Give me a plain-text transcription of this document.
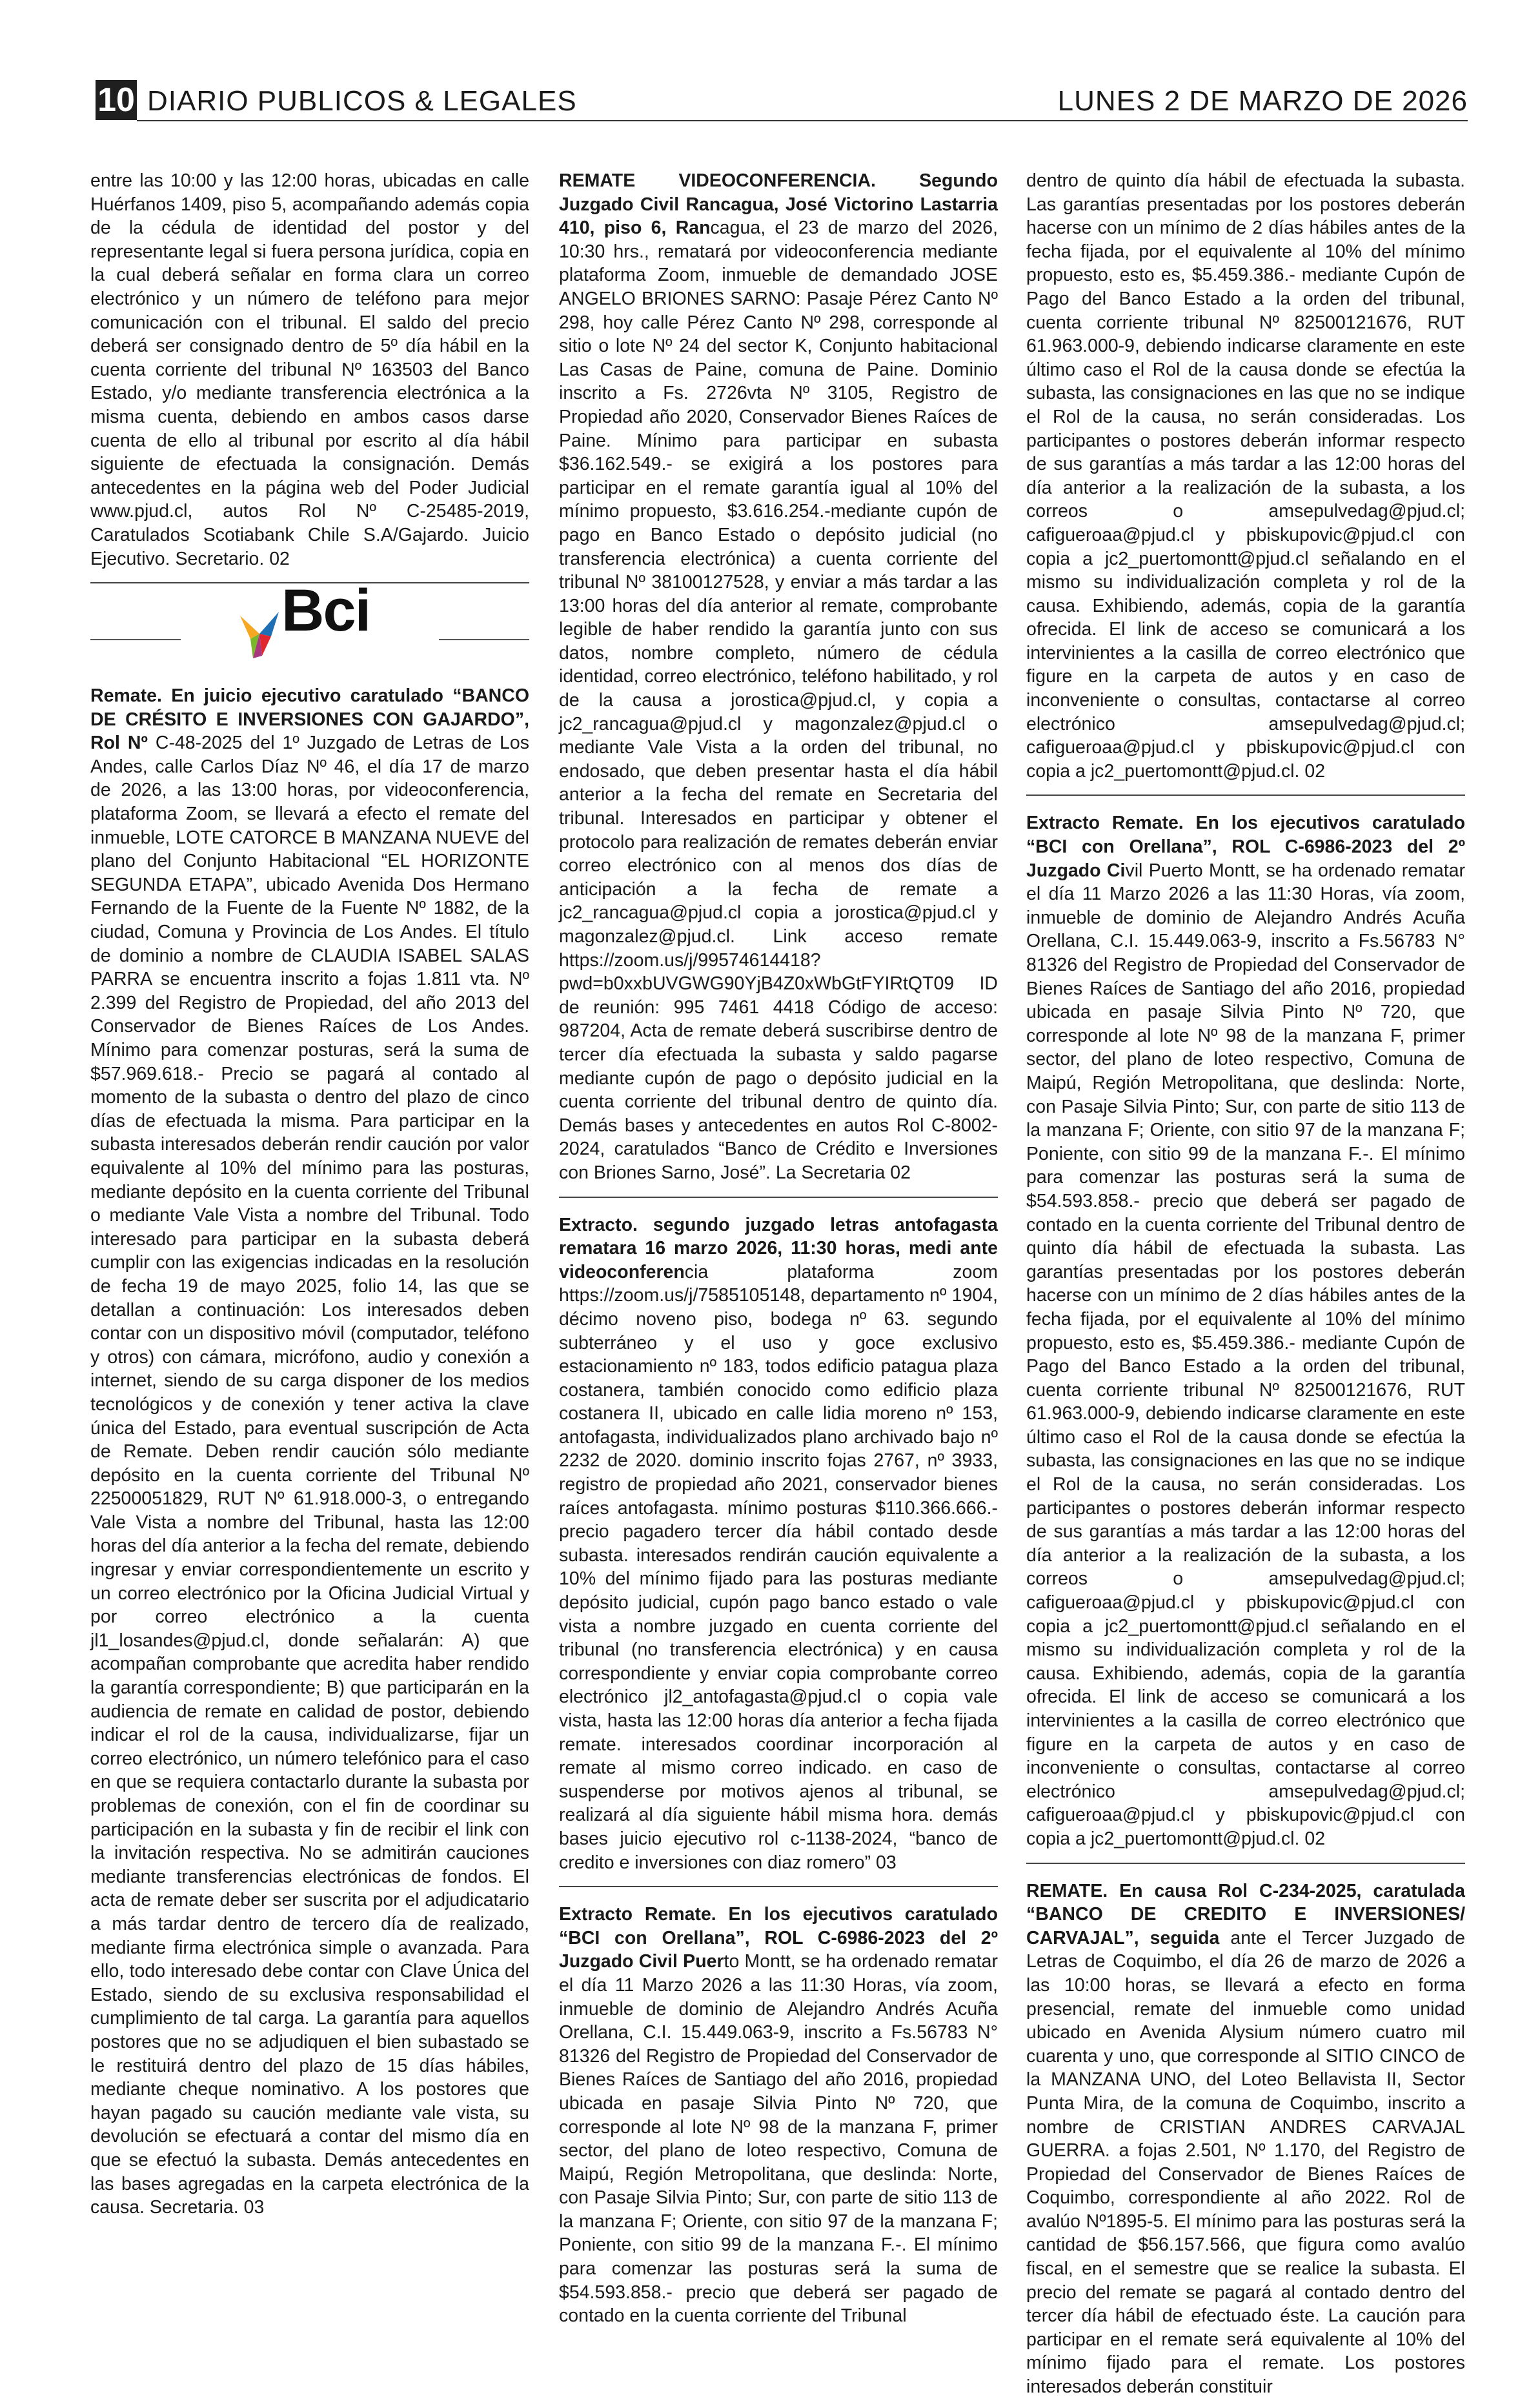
10 DIARIO PUBLICOS & LEGALES	LUNES 2 DE MARZO DE 2026

entre las 10:00 y las 12:00 horas, ubicadas en calle Huérfanos 1409, piso 5, acompañando además copia de la cédula de identidad del postor y del representante legal si fuera persona jurídica, copia en la cual deberá señalar en forma clara un correo electrónico y un número de teléfono para mejor comunicación con el tribunal. El saldo del precio deberá ser consignado dentro de 5º día hábil en la cuenta corriente del tribunal Nº 163503 del Banco Estado, y/o mediante transferencia electrónica a la misma cuenta, debiendo en ambos casos darse cuenta de ello al tribunal por escrito al día hábil siguiente de efectuada la consignación. Demás antecedentes en la página web del Poder Judicial www.pjud.cl, autos Rol Nº C-25485-2019, Caratulados Scotiabank Chile S.A/Gajardo. Juicio Ejecutivo. Secretario. 02

Bci

Remate. En juicio ejecutivo caratulado “BANCO DE CRÉSITO E INVERSIONES CON GAJARDO”, Rol Nº C-48-2025 del 1º Juzgado de Letras de Los Andes, calle Carlos Díaz Nº 46, el día 17 de marzo de 2026, a las 13:00 horas, por videoconferencia, plataforma Zoom, se llevará a efecto el remate del inmueble, LOTE CATORCE B MANZANA NUEVE del plano del Conjunto Habitacional “EL HORIZONTE SEGUNDA ETAPA”, ubicado Avenida Dos Hermano Fernando de la Fuente de la Fuente Nº 1882, de la ciudad, Comuna y Provincia de Los Andes. El título de dominio a nombre de CLAUDIA ISABEL SALAS PARRA se encuentra inscrito a fojas 1.811 vta. Nº 2.399 del Registro de Propiedad, del año 2013 del Conservador de Bienes Raíces de Los Andes. Mínimo para comenzar posturas, será la suma de $57.969.618.- Precio se pagará al contado al momento de la subasta o dentro del plazo de cinco días de efectuada la misma. Para participar en la subasta interesados deberán rendir caución por valor equivalente al 10% del mínimo para las posturas, mediante depósito en la cuenta corriente del Tribunal o mediante Vale Vista a nombre del Tribunal. Todo interesado para participar en la subasta deberá cumplir con las exigencias indicadas en la resolución de fecha 19 de mayo 2025, folio 14, las que se detallan a continuación: Los interesados deben contar con un dispositivo móvil (computador, teléfono y otros) con cámara, micrófono, audio y conexión a internet, siendo de su carga disponer de los medios tecnológicos y de conexión y tener activa la clave única del Estado, para eventual suscripción de Acta de Remate. Deben rendir caución sólo mediante depósito en la cuenta corriente del Tribunal Nº 22500051829, RUT Nº 61.918.000-3, o entregando Vale Vista a nombre del Tribunal, hasta las 12:00 horas del día anterior a la fecha del remate, debiendo ingresar y enviar correspondientemente un escrito y un correo electrónico por la Oficina Judicial Virtual y por correo electrónico a la cuenta jl1_losandes@pjud.cl, donde señalarán: A) que acompañan comprobante que acredita haber rendido la garantía correspondiente; B) que participarán en la audiencia de remate en calidad de postor, debiendo indicar el rol de la causa, individualizarse, fijar un correo electrónico, un número telefónico para el caso en que se requiera contactarlo durante la subasta por problemas de conexión, con el fin de coordinar su participación en la subasta y fin de recibir el link con la invitación respectiva. No se admitirán cauciones mediante transferencias electrónicas de fondos. El acta de remate deber ser suscrita por el adjudicatario a más tardar dentro de tercero día de realizado, mediante firma electrónica simple o avanzada. Para ello, todo interesado debe contar con Clave Única del Estado, siendo de su exclusiva responsabilidad el cumplimiento de tal carga. La garantía para aquellos postores que no se adjudiquen el bien subastado se le restituirá dentro del plazo de 15 días hábiles, mediante cheque nominativo. A los postores que hayan pagado su caución mediante vale vista, su devolución se efectuará a contar del mismo día en que se efectuó la subasta. Demás antecedentes en las bases agregadas en la carpeta electrónica de la causa. Secretaria. 03

REMATE VIDEOCONFERENCIA. Segundo Juzgado Civil Rancagua, José Victorino Lastarria 410, piso 6, Rancagua, el 23 de marzo del 2026, 10:30 hrs., rematará por videoconferencia mediante plataforma Zoom, inmueble de demandado JOSE ANGELO BRIONES SARNO: Pasaje Pérez Canto Nº 298, hoy calle Pérez Canto Nº 298, corresponde al sitio o lote Nº 24 del sector K, Conjunto habitacional Las Casas de Paine, comuna de Paine. Dominio inscrito a Fs. 2726vta Nº 3105, Registro de Propiedad año 2020, Conservador Bienes Raíces de Paine. Mínimo para participar en subasta $36.162.549.- se exigirá a los postores para participar en el remate garantía igual al 10% del mínimo propuesto, $3.616.254.-mediante cupón de pago en Banco Estado o depósito judicial (no transferencia electrónica) a cuenta corriente del tribunal Nº 38100127528, y enviar a más tardar a las 13:00 horas del día anterior al remate, comprobante legible de haber rendido la garantía junto con sus datos, nombre completo, número de cédula identidad, correo electrónico, teléfono habilitado, y rol de la causa a jorostica@pjud.cl, y copia a jc2_rancagua@pjud.cl y magonzalez@pjud.cl o mediante Vale Vista a la orden del tribunal, no endosado, que deben presentar hasta el día hábil anterior a la fecha del remate en Secretaria del tribunal. Interesados en participar y obtener el protocolo para realización de remates deberán enviar correo electrónico con al menos dos días de anticipación a la fecha de remate a jc2_rancagua@pjud.cl copia a jorostica@pjud.cl y magonzalez@pjud.cl. Link acceso remate https://zoom.us/j/99574614418?pwd=b0xxbUVGWG90YjB4Z0xWbGtFYIRtQT09 ID de reunión: 995 7461 4418 Código de acceso: 987204, Acta de remate deberá suscribirse dentro de tercer día efectuada la subasta y saldo pagarse mediante cupón de pago o depósito judicial en la cuenta corriente del tribunal dentro de quinto día. Demás bases y antecedentes en autos Rol C-8002-2024, caratulados “Banco de Crédito e Inversiones con Briones Sarno, José”. La Secretaria 02

Extracto. segundo juzgado letras antofagasta rematara 16 marzo 2026, 11:30 horas, medi ante videoconferencia plataforma zoom https://zoom.us/j/7585105148, departamento nº 1904, décimo noveno piso, bodega nº 63. segundo subterráneo y el uso y goce exclusivo estacionamiento nº 183, todos edificio patagua plaza costanera, también conocido como edificio plaza costanera II, ubicado en calle lidia moreno nº 153, antofagasta, individualizados plano archivado bajo nº 2232 de 2020. dominio inscrito fojas 2767, nº 3933, registro de propiedad año 2021, conservador bienes raíces antofagasta. mínimo posturas $110.366.666.- precio pagadero tercer día hábil contado desde subasta. interesados rendirán caución equivalente a 10% del mínimo fijado para las posturas mediante depósito judicial, cupón pago banco estado o vale vista a nombre juzgado en cuenta corriente del tribunal (no transferencia electrónica) y en causa correspondiente y enviar copia comprobante correo electrónico jl2_antofagasta@pjud.cl o copia vale vista, hasta las 12:00 horas día anterior a fecha fijada remate. interesados coordinar incorporación al remate al mismo correo indicado. en caso de suspenderse por motivos ajenos al tribunal, se realizará al día siguiente hábil misma hora. demás bases juicio ejecutivo rol c-1138-2024, “banco de credito e inversiones con diaz romero” 03

Extracto Remate. En los ejecutivos caratulado “BCI con Orellana”, ROL C-6986-2023 del 2º Juzgado Civil Puerto Montt, se ha ordenado rematar el día 11 Marzo 2026 a las 11:30 Horas, vía zoom, inmueble de dominio de Alejandro Andrés Acuña Orellana, C.I. 15.449.063-9, inscrito a Fs.56783 N° 81326 del Registro de Propiedad del Conservador de Bienes Raíces de Santiago del año 2016, propiedad ubicada en pasaje Silvia Pinto Nº 720, que corresponde al lote Nº 98 de la manzana F, primer sector, del plano de loteo respectivo, Comuna de Maipú, Región Metropolitana, que deslinda: Norte, con Pasaje Silvia Pinto; Sur, con parte de sitio 113 de la manzana F; Oriente, con sitio 97 de la manzana F; Poniente, con sitio 99 de la manzana F.-. El mínimo para comenzar las posturas será la suma de $54.593.858.- precio que deberá ser pagado de contado en la cuenta corriente del Tribunal

dentro de quinto día hábil de efectuada la subasta. Las garantías presentadas por los postores deberán hacerse con un mínimo de 2 días hábiles antes de la fecha fijada, por el equivalente al 10% del mínimo propuesto, esto es, $5.459.386.- mediante Cupón de Pago del Banco Estado a la orden del tribunal, cuenta corriente tribunal Nº 82500121676, RUT 61.963.000-9, debiendo indicarse claramente en este último caso el Rol de la causa donde se efectúa la subasta, las consignaciones en las que no se indique el Rol de la causa, no serán consideradas. Los participantes o postores deberán informar respecto de sus garantías a más tardar a las 12:00 horas del día anterior a la realización de la subasta, a los correos o amsepulvedag@pjud.cl; cafigueroaa@pjud.cl y pbiskupovic@pjud.cl con copia a jc2_puertomontt@pjud.cl señalando en el mismo su individualización completa y rol de la causa. Exhibiendo, además, copia de la garantía ofrecida. El link de acceso se comunicará a los intervinientes a la casilla de correo electrónico que figure en la carpeta de autos y en caso de inconveniente o consultas, contactarse al correo electrónico amsepulvedag@pjud.cl; cafigueroaa@pjud.cl y pbiskupovic@pjud.cl con copia a jc2_puertomontt@pjud.cl. 02

Extracto Remate. En los ejecutivos caratulado “BCI con Orellana”, ROL C-6986-2023 del 2º Juzgado Civil Puerto Montt, se ha ordenado rematar el día 11 Marzo 2026 a las 11:30 Horas, vía zoom, inmueble de dominio de Alejandro Andrés Acuña Orellana, C.I. 15.449.063-9, inscrito a Fs.56783 N° 81326 del Registro de Propiedad del Conservador de Bienes Raíces de Santiago del año 2016, propiedad ubicada en pasaje Silvia Pinto Nº 720, que corresponde al lote Nº 98 de la manzana F, primer sector, del plano de loteo respectivo, Comuna de Maipú, Región Metropolitana, que deslinda: Norte, con Pasaje Silvia Pinto; Sur, con parte de sitio 113 de la manzana F; Oriente, con sitio 97 de la manzana F; Poniente, con sitio 99 de la manzana F.-. El mínimo para comenzar las posturas será la suma de $54.593.858.- precio que deberá ser pagado de contado en la cuenta corriente del Tribunal dentro de quinto día hábil de efectuada la subasta. Las garantías presentadas por los postores deberán hacerse con un mínimo de 2 días hábiles antes de la fecha fijada, por el equivalente al 10% del mínimo propuesto, esto es, $5.459.386.- mediante Cupón de Pago del Banco Estado a la orden del tribunal, cuenta corriente tribunal Nº 82500121676, RUT 61.963.000-9, debiendo indicarse claramente en este último caso el Rol de la causa donde se efectúa la subasta, las consignaciones en las que no se indique el Rol de la causa, no serán consideradas. Los participantes o postores deberán informar respecto de sus garantías a más tardar a las 12:00 horas del día anterior a la realización de la subasta, a los correos o amsepulvedag@pjud.cl; cafigueroaa@pjud.cl y pbiskupovic@pjud.cl con copia a jc2_puertomontt@pjud.cl señalando en el mismo su individualización completa y rol de la causa. Exhibiendo, además, copia de la garantía ofrecida. El link de acceso se comunicará a los intervinientes a la casilla de correo electrónico que figure en la carpeta de autos y en caso de inconveniente o consultas, contactarse al correo electrónico amsepulvedag@pjud.cl; cafigueroaa@pjud.cl y pbiskupovic@pjud.cl con copia a jc2_puertomontt@pjud.cl. 02

REMATE. En causa Rol C-234-2025, caratulada “BANCO DE CREDITO E INVERSIONES/ CARVAJAL”, seguida ante el Tercer Juzgado de Letras de Coquimbo, el día 26 de marzo de 2026 a las 10:00 horas, se llevará a efecto en forma presencial, remate del inmueble como unidad ubicado en Avenida Alysium número cuatro mil cuarenta y uno, que corresponde al SITIO CINCO de la MANZANA UNO, del Loteo Bellavista II, Sector Punta Mira, de la comuna de Coquimbo, inscrito a nombre de CRISTIAN ANDRES CARVAJAL GUERRA. a fojas 2.501, Nº 1.170, del Registro de Propiedad del Conservador de Bienes Raíces de Coquimbo, correspondiente al año 2022. Rol de avalúo Nº1895-5. El mínimo para las posturas será la cantidad de $56.157.566, que figura como avalúo fiscal, en el semestre que se realice la subasta. El precio del remate se pagará al contado dentro del tercer día hábil de efectuado éste. La caución para participar en el remate será equivalente al 10% del mínimo fijado para el remate. Los postores interesados deberán constituir
